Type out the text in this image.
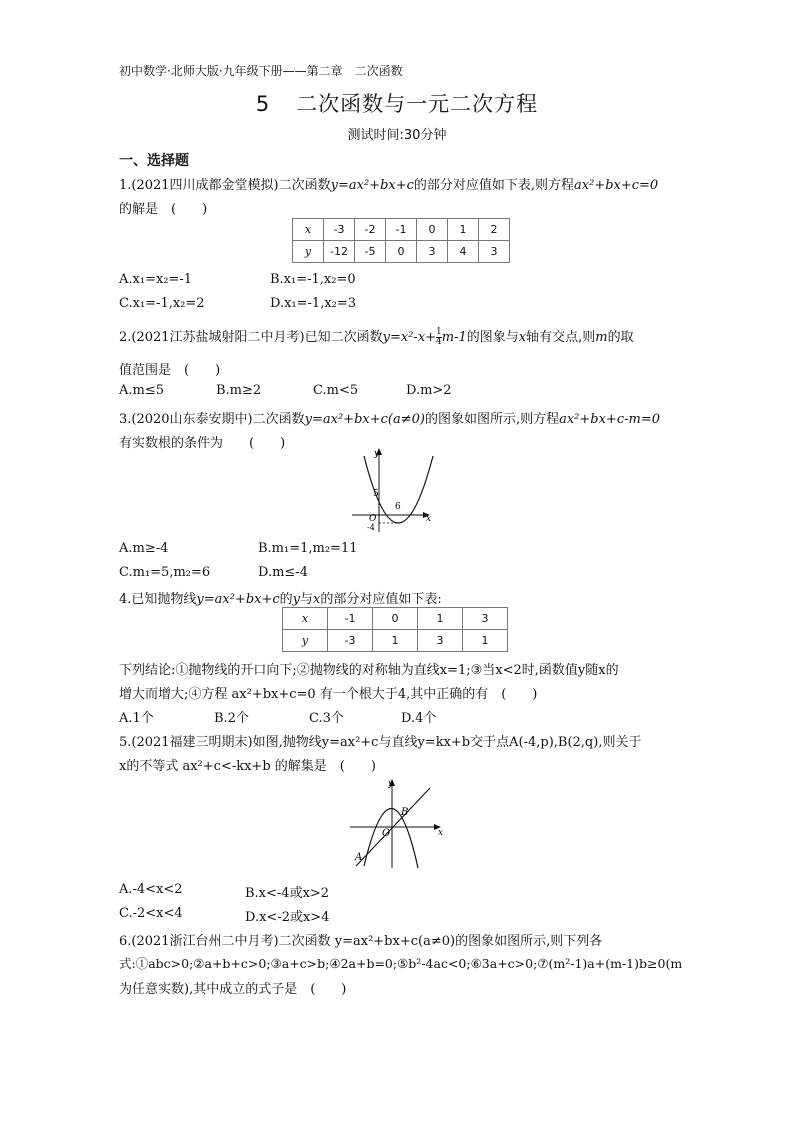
初中数学·北师大版·九年级下册——第二章　二次函数
5 二次函数与一元二次方程
测试时间:30分钟
一、选择题
1.(2021四川成都金堂模拟)二次函数y=ax²+bx+c的部分对应值如下表,则方程ax²+bx+c=0
的解是　(　　)
x	-3	-2	-1	0	1	2
y	-12	-5	0	3	4	3
A.x₁=x₂=-1	B.x₁=-1,x₂=0
C.x₁=-1,x₂=2	D.x₁=-1,x₂=3
2.(2021江苏盐城射阳二中月考)已知二次函数$y=x^2-x+ \frac{1}{4} m-1$的图象与x轴有交点,则m的取
值范围是　(　　)
A.m≤5	B.m≥2	C.m<5	D.m>2
3.(2020山东泰安期中)二次函数y=ax²+bx+c(a≠0)的图象如图所示,则方程ax²+bx+c-m=0
有实数根的条件为　　(　　)
y
x
O
5
6
-4
A.m≥-4	B.m₁=1,m₂=11
C.m₁=5,m₂=6	D.m≤-4
4.已知抛物线y=ax²+bx+c的y与x的部分对应值如下表:
x	-1	0	1	3
y	-3	1	3	1
下列结论:①抛物线的开口向下;②抛物线的对称轴为直线x=1;③当x<2时,函数值y随x的
增大而增大;④方程 ax²+bx+c=0 有一个根大于4,其中正确的有　(　　)
A.1个	B.2个	C.3个	D.4个
5.(2021福建三明期末)如图,抛物线y=ax²+c与直线y=kx+b交于点A(-4,p),B(2,q),则关于
x的不等式 ax²+c<-kx+b 的解集是　(　　)
y
x
O
B
A
A.-4<x<2	B.x<-4或x>2
C.-2<x<4	D.x<-2或x>4
6.(2021浙江台州二中月考)二次函数 y=ax²+bx+c(a≠0)的图象如图所示,则下列各
式:①abc>0;②a+b+c>0;③a+c>b;④2a+b=0;⑤b²-4ac<0;⑥3a+c>0;⑦(m²-1)a+(m-1)b≥0(m
为任意实数),其中成立的式子是　(　　)
